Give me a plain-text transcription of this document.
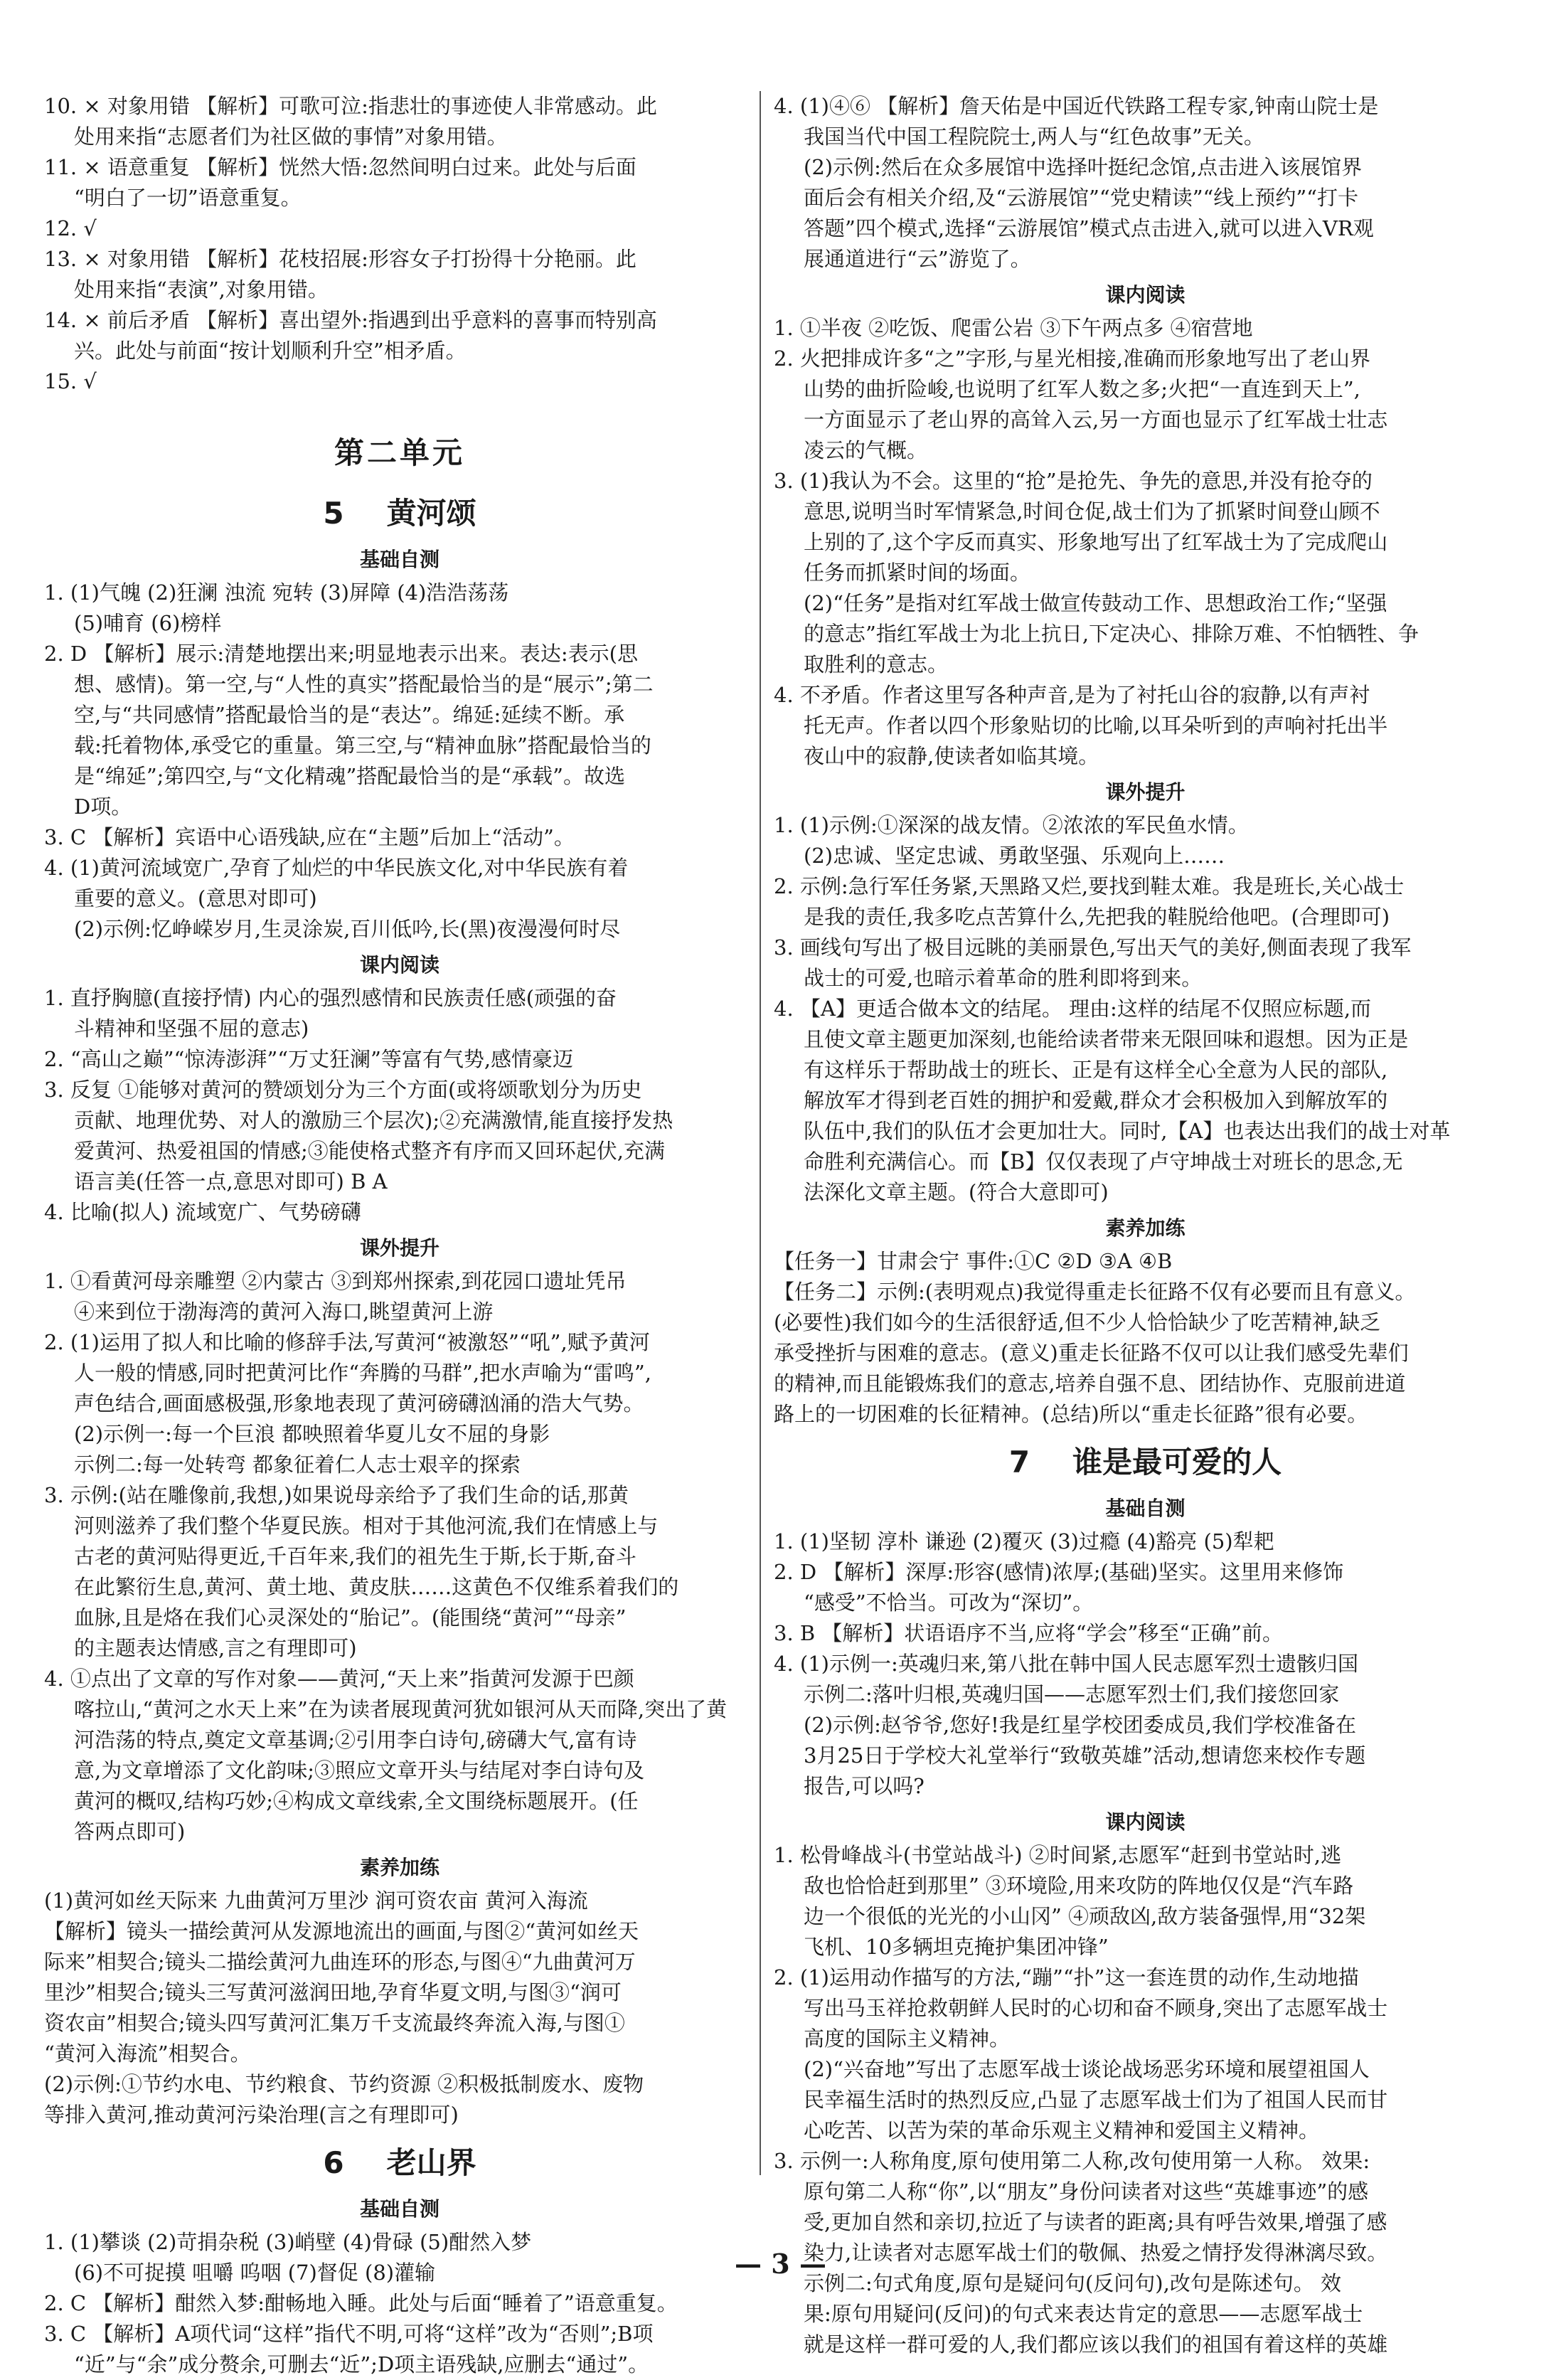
10. × 对象用错 【解析】可歌可泣:指悲壮的事迹使人非常感动。此
处用来指“志愿者们为社区做的事情”对象用错。
11. × 语意重复 【解析】恍然大悟:忽然间明白过来。此处与后面
“明白了一切”语意重复。
12. √
13. × 对象用错 【解析】花枝招展:形容女子打扮得十分艳丽。此
处用来指“表演”,对象用错。
14. × 前后矛盾 【解析】喜出望外:指遇到出乎意料的喜事而特别高
兴。此处与前面“按计划顺利升空”相矛盾。
15. √
第二单元
5 黄河颂
基础自测
1. (1)气魄 (2)狂澜 浊流 宛转 (3)屏障 (4)浩浩荡荡
(5)哺育 (6)榜样
2. D 【解析】展示:清楚地摆出来;明显地表示出来。表达:表示(思
想、感情)。第一空,与“人性的真实”搭配最恰当的是“展示”;第二
空,与“共同感情”搭配最恰当的是“表达”。绵延:延续不断。承
载:托着物体,承受它的重量。第三空,与“精神血脉”搭配最恰当的
是“绵延”;第四空,与“文化精魂”搭配最恰当的是“承载”。故选
D项。
3. C 【解析】宾语中心语残缺,应在“主题”后加上“活动”。
4. (1)黄河流域宽广,孕育了灿烂的中华民族文化,对中华民族有着
重要的意义。(意思对即可)
(2)示例:忆峥嵘岁月,生灵涂炭,百川低吟,长(黑)夜漫漫何时尽
课内阅读
1. 直抒胸臆(直接抒情) 内心的强烈感情和民族责任感(顽强的奋
斗精神和坚强不屈的意志)
2. “高山之巅”“惊涛澎湃”“万丈狂澜”等富有气势,感情豪迈
3. 反复 ①能够对黄河的赞颂划分为三个方面(或将颂歌划分为历史
贡献、地理优势、对人的激励三个层次);②充满激情,能直接抒发热
爱黄河、热爱祖国的情感;③能使格式整齐有序而又回环起伏,充满
语言美(任答一点,意思对即可) B A
4. 比喻(拟人) 流域宽广、气势磅礴
课外提升
1. ①看黄河母亲雕塑 ②内蒙古 ③到郑州探索,到花园口遗址凭吊
④来到位于渤海湾的黄河入海口,眺望黄河上游
2. (1)运用了拟人和比喻的修辞手法,写黄河“被激怒”“吼”,赋予黄河
人一般的情感,同时把黄河比作“奔腾的马群”,把水声喻为“雷鸣”,
声色结合,画面感极强,形象地表现了黄河磅礴汹涌的浩大气势。
(2)示例一:每一个巨浪 都映照着华夏儿女不屈的身影
示例二:每一处转弯 都象征着仁人志士艰辛的探索
3. 示例:(站在雕像前,我想,)如果说母亲给予了我们生命的话,那黄
河则滋养了我们整个华夏民族。相对于其他河流,我们在情感上与
古老的黄河贴得更近,千百年来,我们的祖先生于斯,长于斯,奋斗
在此繁衍生息,黄河、黄土地、黄皮肤……这黄色不仅维系着我们的
血脉,且是烙在我们心灵深处的“胎记”。(能围绕“黄河”“母亲”
的主题表达情感,言之有理即可)
4. ①点出了文章的写作对象——黄河,“天上来”指黄河发源于巴颜
喀拉山,“黄河之水天上来”在为读者展现黄河犹如银河从天而降,突出了黄
河浩荡的特点,奠定文章基调;②引用李白诗句,磅礴大气,富有诗
意,为文章增添了文化韵味;③照应文章开头与结尾对李白诗句及
黄河的概叹,结构巧妙;④构成文章线索,全文围绕标题展开。(任
答两点即可)
素养加练
(1)黄河如丝天际来 九曲黄河万里沙 润可资农亩 黄河入海流
【解析】镜头一描绘黄河从发源地流出的画面,与图②“黄河如丝天
际来”相契合;镜头二描绘黄河九曲连环的形态,与图④“九曲黄河万
里沙”相契合;镜头三写黄河滋润田地,孕育华夏文明,与图③“润可
资农亩”相契合;镜头四写黄河汇集万千支流最终奔流入海,与图①
“黄河入海流”相契合。
(2)示例:①节约水电、节约粮食、节约资源 ②积极抵制废水、废物
等排入黄河,推动黄河污染治理(言之有理即可)
6 老山界
基础自测
1. (1)攀谈 (2)苛捐杂税 (3)峭壁 (4)骨碌 (5)酣然入梦
(6)不可捉摸 咀嚼 呜咽 (7)督促 (8)灌输
2. C 【解析】酣然入梦:酣畅地入睡。此处与后面“睡着了”语意重复。
3. C 【解析】A项代词“这样”指代不明,可将“这样”改为“否则”;B项
“近”与“余”成分赘余,可删去“近”;D项主语残缺,应删去“通过”。
4. (1)④⑥ 【解析】詹天佑是中国近代铁路工程专家,钟南山院士是
我国当代中国工程院院士,两人与“红色故事”无关。
(2)示例:然后在众多展馆中选择叶挺纪念馆,点击进入该展馆界
面后会有相关介绍,及“云游展馆”“党史精读”“线上预约”“打卡
答题”四个模式,选择“云游展馆”模式点击进入,就可以进入VR观
展通道进行“云”游览了。
课内阅读
1. ①半夜 ②吃饭、爬雷公岩 ③下午两点多 ④宿营地
2. 火把排成许多“之”字形,与星光相接,准确而形象地写出了老山界
山势的曲折险峻,也说明了红军人数之多;火把“一直连到天上”,
一方面显示了老山界的高耸入云,另一方面也显示了红军战士壮志
凌云的气概。
3. (1)我认为不会。这里的“抢”是抢先、争先的意思,并没有抢夺的
意思,说明当时军情紧急,时间仓促,战士们为了抓紧时间登山顾不
上别的了,这个字反而真实、形象地写出了红军战士为了完成爬山
任务而抓紧时间的场面。
(2)“任务”是指对红军战士做宣传鼓动工作、思想政治工作;“坚强
的意志”指红军战士为北上抗日,下定决心、排除万难、不怕牺牲、争
取胜利的意志。
4. 不矛盾。作者这里写各种声音,是为了衬托山谷的寂静,以有声衬
托无声。作者以四个形象贴切的比喻,以耳朵听到的声响衬托出半
夜山中的寂静,使读者如临其境。
课外提升
1. (1)示例:①深深的战友情。②浓浓的军民鱼水情。
(2)忠诚、坚定忠诚、勇敢坚强、乐观向上……
2. 示例:急行军任务紧,天黑路又烂,要找到鞋太难。我是班长,关心战士
是我的责任,我多吃点苦算什么,先把我的鞋脱给他吧。(合理即可)
3. 画线句写出了极目远眺的美丽景色,写出天气的美好,侧面表现了我军
战士的可爱,也暗示着革命的胜利即将到来。
4. 【A】更适合做本文的结尾。 理由:这样的结尾不仅照应标题,而
且使文章主题更加深刻,也能给读者带来无限回味和遐想。因为正是
有这样乐于帮助战士的班长、正是有这样全心全意为人民的部队,
解放军才得到老百姓的拥护和爱戴,群众才会积极加入到解放军的
队伍中,我们的队伍才会更加壮大。同时,【A】也表达出我们的战士对革
命胜利充满信心。而【B】仅仅表现了卢守坤战士对班长的思念,无
法深化文章主题。(符合大意即可)
素养加练
【任务一】甘肃会宁 事件:①C ②D ③A ④B
【任务二】示例:(表明观点)我觉得重走长征路不仅有必要而且有意义。
(必要性)我们如今的生活很舒适,但不少人恰恰缺少了吃苦精神,缺乏
承受挫折与困难的意志。(意义)重走长征路不仅可以让我们感受先辈们
的精神,而且能锻炼我们的意志,培养自强不息、团结协作、克服前进道
路上的一切困难的长征精神。(总结)所以“重走长征路”很有必要。
7 谁是最可爱的人
基础自测
1. (1)坚韧 淳朴 谦逊 (2)覆灭 (3)过瘾 (4)豁亮 (5)犁耙
2. D 【解析】深厚:形容(感情)浓厚;(基础)坚实。这里用来修饰
“感受”不恰当。可改为“深切”。
3. B 【解析】状语语序不当,应将“学会”移至“正确”前。
4. (1)示例一:英魂归来,第八批在韩中国人民志愿军烈士遗骸归国
示例二:落叶归根,英魂归国——志愿军烈士们,我们接您回家
(2)示例:赵爷爷,您好!我是红星学校团委成员,我们学校准备在
3月25日于学校大礼堂举行“致敬英雄”活动,想请您来校作专题
报告,可以吗?
课内阅读
1. 松骨峰战斗(书堂站战斗) ②时间紧,志愿军“赶到书堂站时,逃
敌也恰恰赶到那里” ③环境险,用来攻防的阵地仅仅是“汽车路
边一个很低的光光的小山冈” ④顽敌凶,敌方装备强悍,用“32架
飞机、10多辆坦克掩护集团冲锋”
2. (1)运用动作描写的方法,“蹦”“扑”这一套连贯的动作,生动地描
写出马玉祥抢救朝鲜人民时的心切和奋不顾身,突出了志愿军战士
高度的国际主义精神。
(2)“兴奋地”写出了志愿军战士谈论战场恶劣环境和展望祖国人
民幸福生活时的热烈反应,凸显了志愿军战士们为了祖国人民而甘
心吃苦、以苦为荣的革命乐观主义精神和爱国主义精神。
3. 示例一:人称角度,原句使用第二人称,改句使用第一人称。 效果:
原句第二人称“你”,以“朋友”身份问读者对这些“英雄事迹”的感
受,更加自然和亲切,拉近了与读者的距离;具有呼告效果,增强了感
染力,让读者对志愿军战士们的敬佩、热爱之情抒发得淋漓尽致。
示例二:句式角度,原句是疑问句(反问句),改句是陈述句。 效
果:原句用疑问(反问)的句式来表达肯定的意思——志愿军战士
就是这样一群可爱的人,我们都应该以我们的祖国有着这样的英雄
— 3 —
